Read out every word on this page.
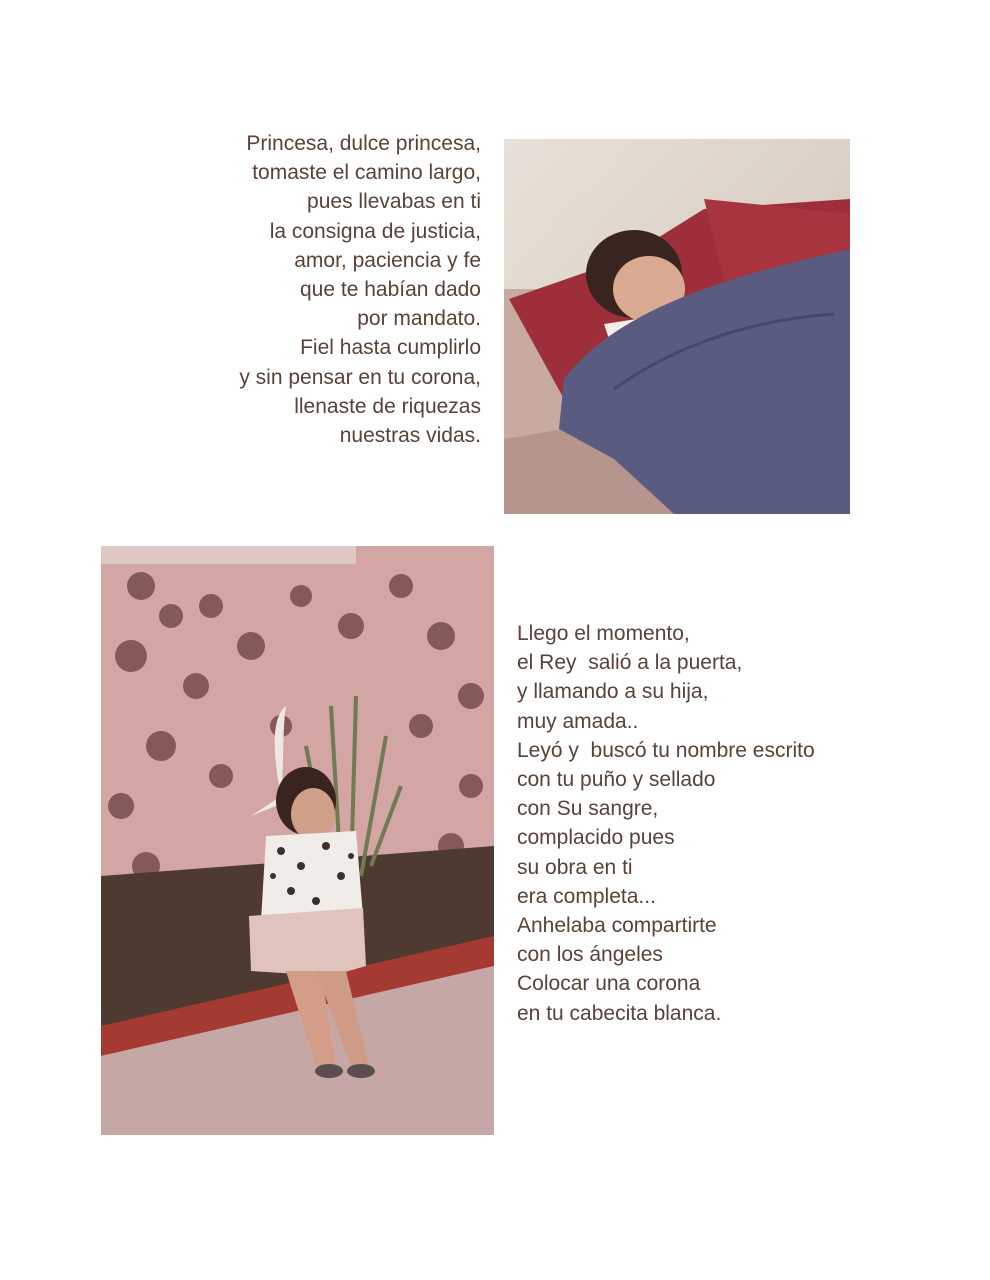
Princesa, dulce princesa,
tomaste el camino largo,
pues llevabas en ti
la consigna de justicia,
amor, paciencia y fe
que te habían dado
por mandato.
Fiel hasta cumplirlo
y sin pensar en tu corona,
llenaste de riquezas
nuestras vidas.
Llego el momento,
el Rey  salió a la puerta,
y llamando a su hija,
muy amada..
Leyó y  buscó tu nombre escrito
con tu puño y sellado
con Su sangre,
complacido pues
su obra en ti
era completa...
Anhelaba compartirte
con los ángeles
Colocar una corona
en tu cabecita blanca.
